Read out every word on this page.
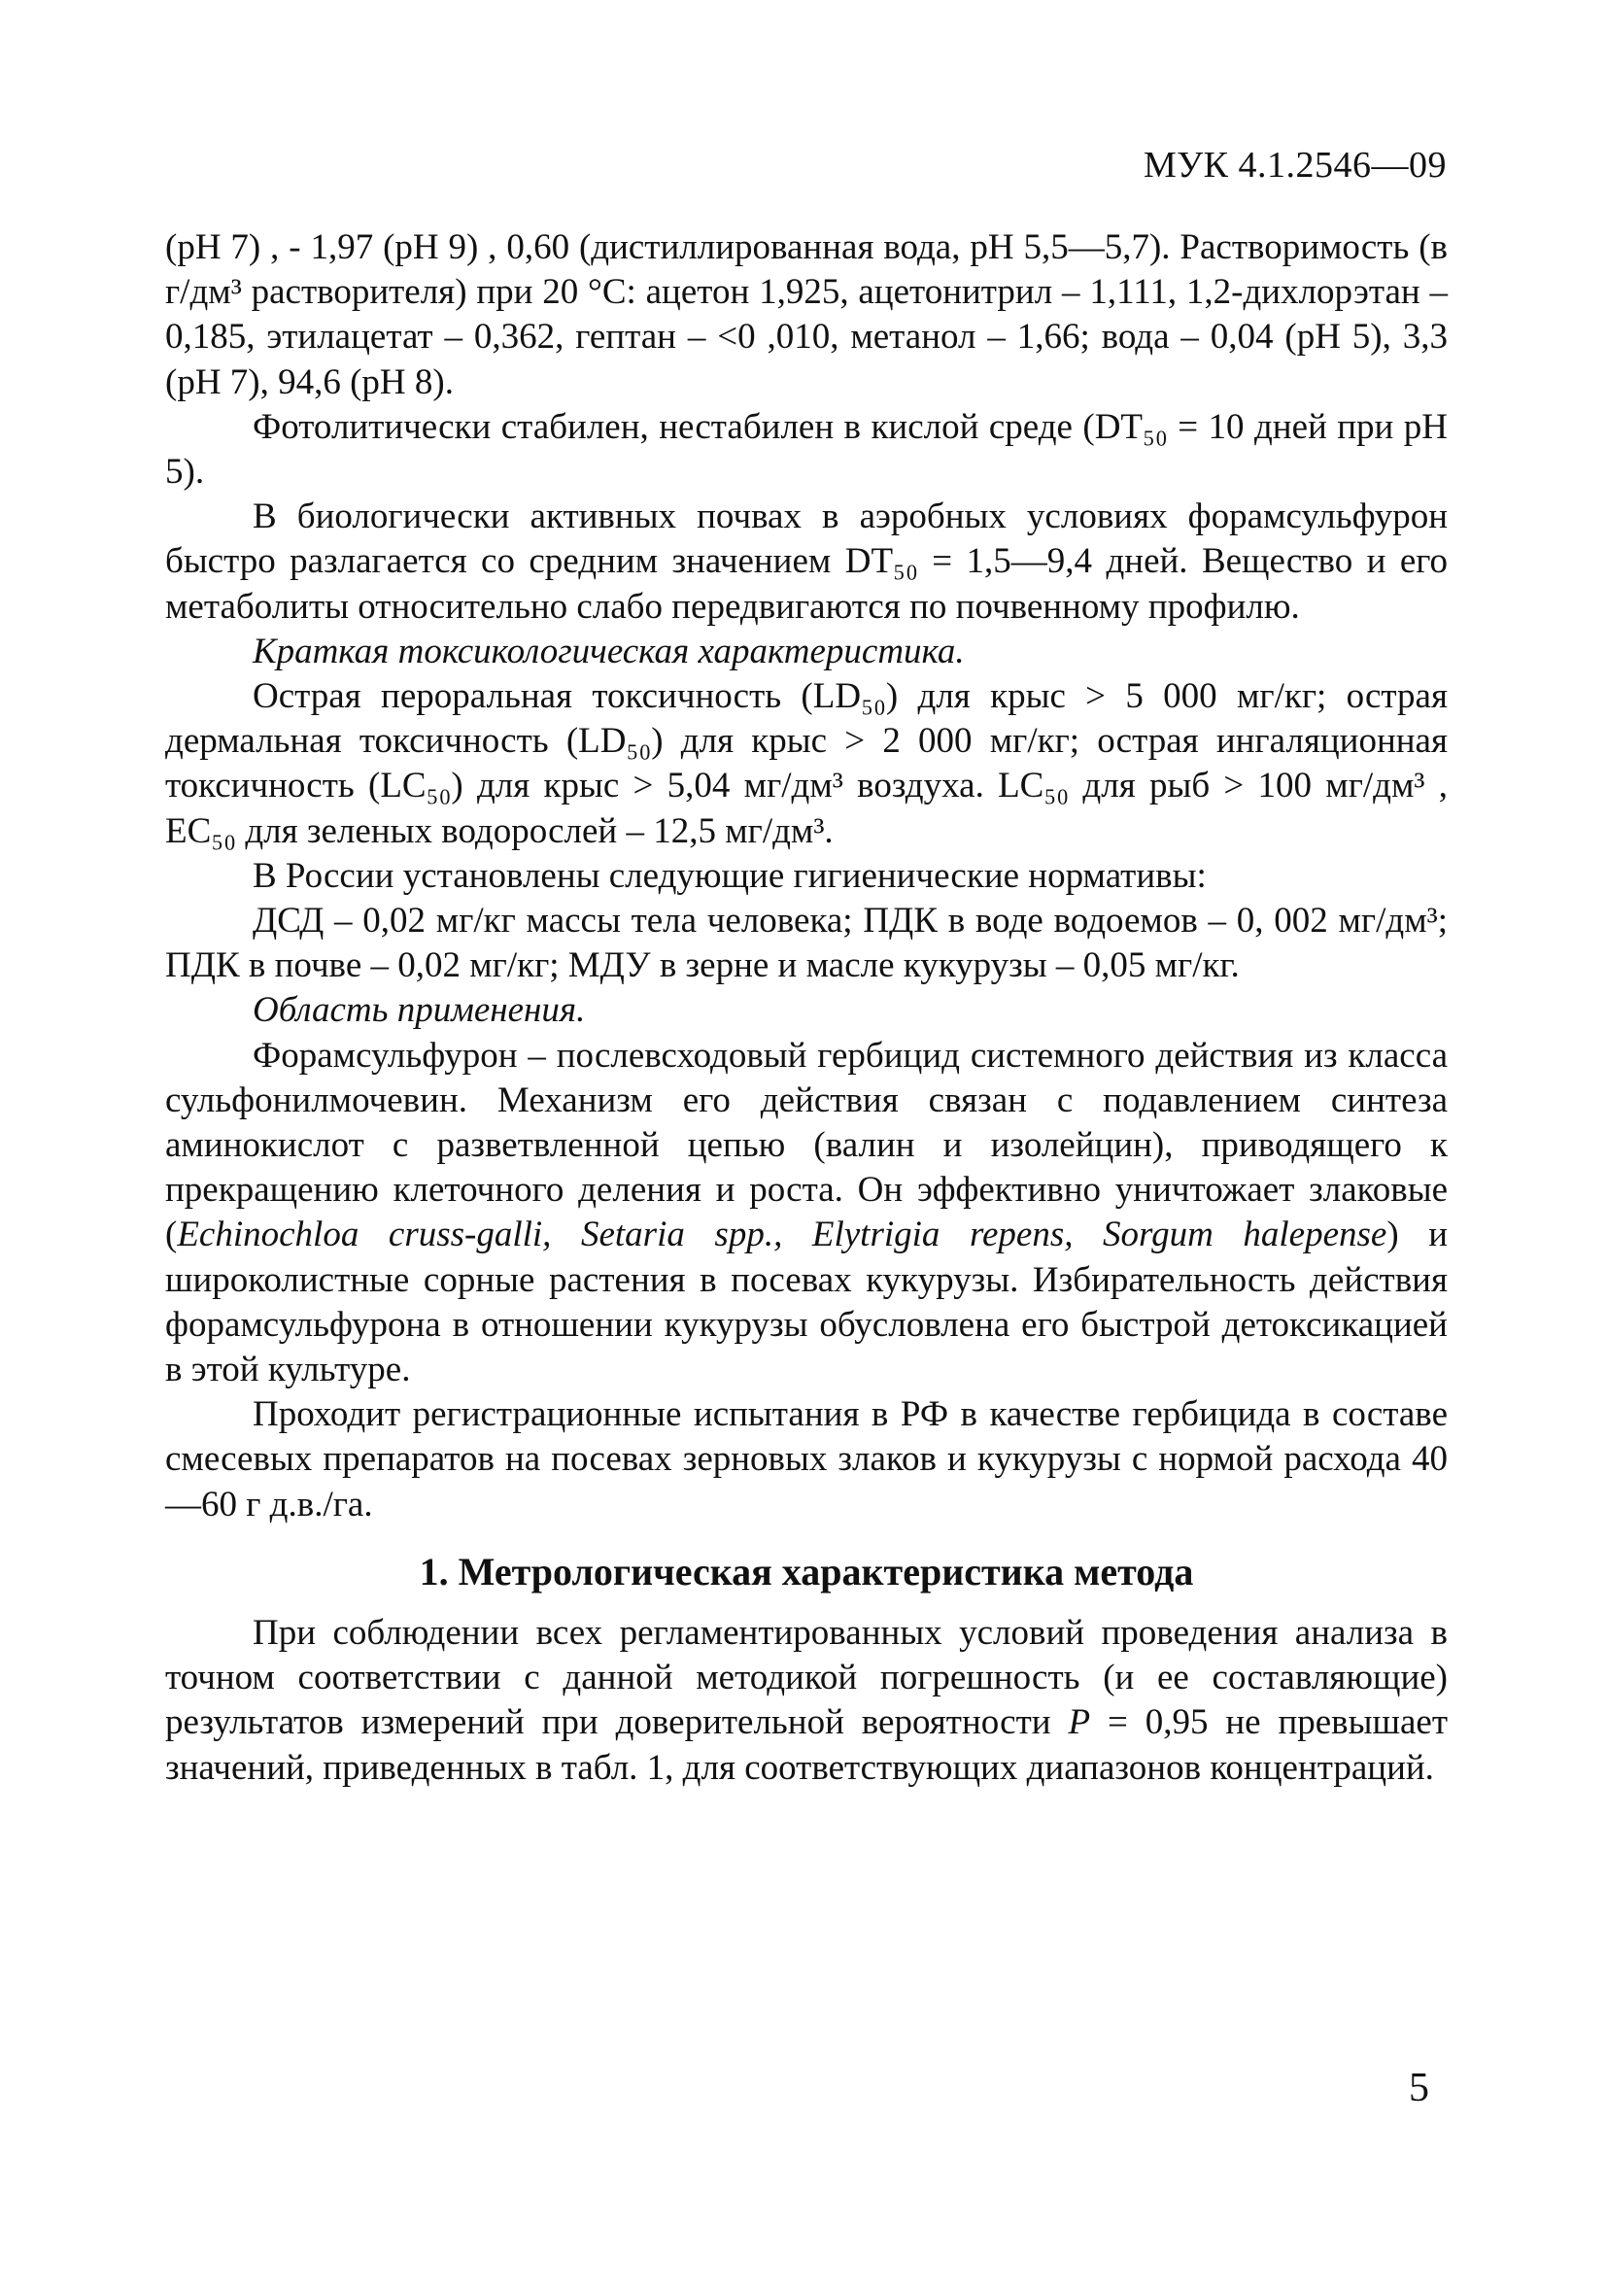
МУК 4.1.2546—09

(pH 7) , - 1,97 (pH 9) , 0,60 (дистиллированная вода, pH 5,5—5,7). Растворимость (в г/дм³ растворителя) при 20 °C: ацетон 1,925, ацетонитрил – 1,111, 1,2-дихлорэтан – 0,185, этилацетат – 0,362, гептан – <0 ,010, метанол – 1,66; вода – 0,04 (pH 5), 3,3 (pH 7), 94,6 (pH 8).

Фотолитически стабилен, нестабилен в кислой среде (DT₅₀ = 10 дней при pH 5).

В биологически активных почвах в аэробных условиях форамсульфурон быстро разлагается со средним значением DT₅₀ = 1,5—9,4 дней. Вещество и его метаболиты относительно слабо передвигаются по почвенному профилю.

Краткая токсикологическая характеристика.

Острая пероральная токсичность (LD₅₀) для крыс > 5 000 мг/кг; острая дермальная токсичность (LD₅₀) для крыс > 2 000 мг/кг; острая ингаляционная токсичность (LC₅₀) для крыс > 5,04 мг/дм³ воздуха. LC₅₀ для рыб > 100 мг/дм³ , EC₅₀ для зеленых водорослей – 12,5 мг/дм³.

В России установлены следующие гигиенические нормативы:

ДСД – 0,02 мг/кг массы тела человека; ПДК в воде водоемов – 0, 002 мг/дм³; ПДК в почве – 0,02 мг/кг; МДУ в зерне и масле кукурузы – 0,05 мг/кг.

Область применения.

Форамсульфурон – послевсходовый гербицид системного действия из класса сульфонилмочевин. Механизм его действия связан с подавлением синтеза аминокислот с разветвленной цепью (валин и изолейцин), приводящего к прекращению клеточного деления и роста. Он эффективно уничтожает злаковые (Echinochloa cruss-galli, Setaria spp., Elytrigia repens, Sorgum halepense) и широколистные сорные растения в посевах кукурузы. Избирательность действия форамсульфурона в отношении кукурузы обусловлена его быстрой детоксикацией в этой культуре.

Проходит регистрационные испытания в РФ в качестве гербицида в составе смесевых препаратов на посевах зерновых злаков и кукурузы с нормой расхода 40—60 г д.в./га.

1. Метрологическая характеристика метода

При соблюдении всех регламентированных условий проведения анализа в точном соответствии с данной методикой погрешность (и ее составляющие) результатов измерений при доверительной вероятности P = 0,95 не превышает значений, приведенных в табл. 1, для соответствующих диапазонов концентраций.

5
